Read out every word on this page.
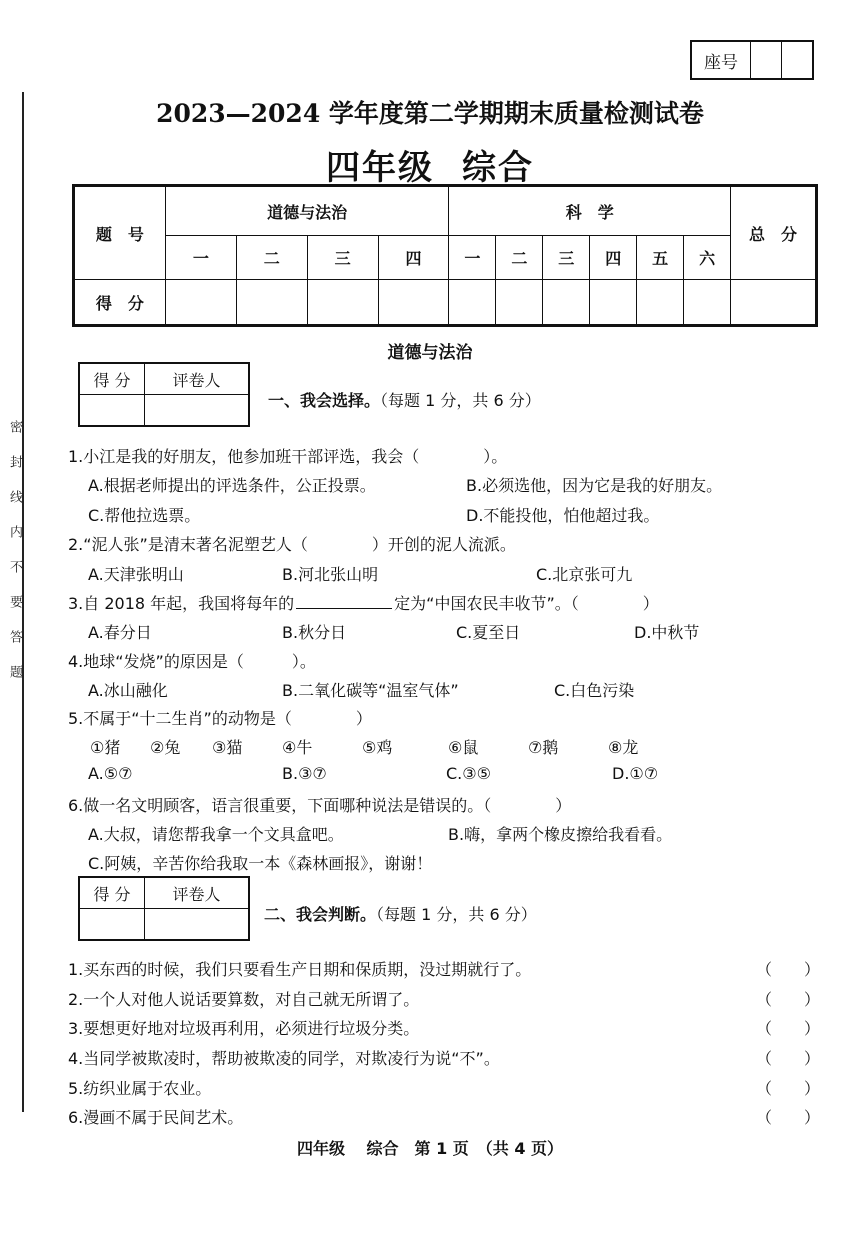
座号
密封线内不要答题
2023—2024 学年度第二学期期末质量检测试卷
四年级 综合
题　号	道德与法治				科　学						总　分
	一	二	三	四	一	二	三	四	五	六	
得　分											
道德与法治
得 分	评卷人

一、我会选择。（每题 1 分，共 6 分）
1.小江是我的好朋友，他参加班干部评选，我会（　　　　）。
A.根据老师提出的评选条件，公正投票。	B.必须选他，因为它是我的好朋友。
C.帮他拉选票。	D.不能投他，怕他超过我。
2.“泥人张”是清末著名泥塑艺人（　　　　）开创的泥人流派。
A.天津张明山	B.河北张山明	C.北京张可九
3.自 2018 年起，我国将每年的	定为“中国农民丰收节”。（　　　　）
A.春分日	B.秋分日	C.夏至日	D.中秋节
4.地球“发烧”的原因是（　　　）。
A.冰山融化	B.二氧化碳等“温室气体”	C.白色污染
5.不属于“十二生肖”的动物是（　　　　）
①猪 ②兔 ③猫 ④牛	⑤鸡	⑥鼠	⑦鹅	⑧龙
A.⑤⑦	B.③⑦	C.③⑤	D.①⑦
6.做一名文明顾客，语言很重要，下面哪种说法是错误的。（　　　　）
A.大叔，请您帮我拿一个文具盒吧。	B.嗨，拿两个橡皮擦给我看看。
C.阿姨，辛苦你给我取一本《森林画报》，谢谢！
得 分	评卷人

二、我会判断。（每题 1 分，共 6 分）
1.买东西的时候，我们只要看生产日期和保质期，没过期就行了。	（　　）
2.一个人对他人说话要算数，对自己就无所谓了。	（　　）
3.要想更好地对垃圾再利用，必须进行垃圾分类。	（　　）
4.当同学被欺凌时，帮助被欺凌的同学，对欺凌行为说“不”。	（　　）
5.纺织业属于农业。	（　　）
6.漫画不属于民间艺术。	（　　）
四年级　 综合　第 1 页　（共 4 页）
